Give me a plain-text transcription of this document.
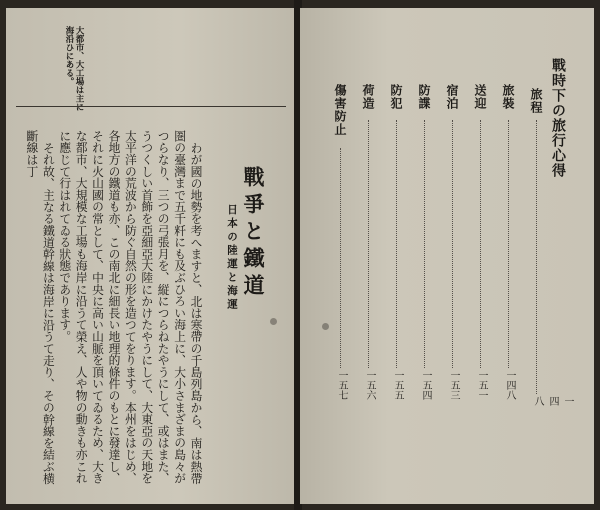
大都市、大工場は主に
海沿ひにある。
戰爭と鐵道
日本の陸運と海運

わが國の地勢を考へますと、北は寒帶の千島列島から、南は熱帶圏の臺灣まで五千粁にも及ぶひろい海上に、大小さまざまの島々がつらなり、三つの弓張月を、縦につらねたやうにして、或はまた、うつくしい首飾を亞細亞大陸にかけたやうにして、大東亞の天地を太平洋の荒波から防ぐ自然の形を造つてをります。本州をはじめ、各地方の鐵道も亦、この南北に細長い地理的條件のもとに發達し、それに火山國の常として、中央に高い山脈を頂いてゐるため、大きな都市、大規模な工場も海岸に沿うて榮え、人や物の動きも亦これに應じて行はれてゐる狀態であります。

それ故、主なる鐵道幹線は海岸に沿うて走り、その幹線を結ぶ横斷線は丁	戰時下の旅行心得
旅程
一四八
旅裝
一四八
送迎
一五一
宿泊
一五三
防諜
一五四
防犯
一五五
荷造
一五六
傷害防止
一五七
